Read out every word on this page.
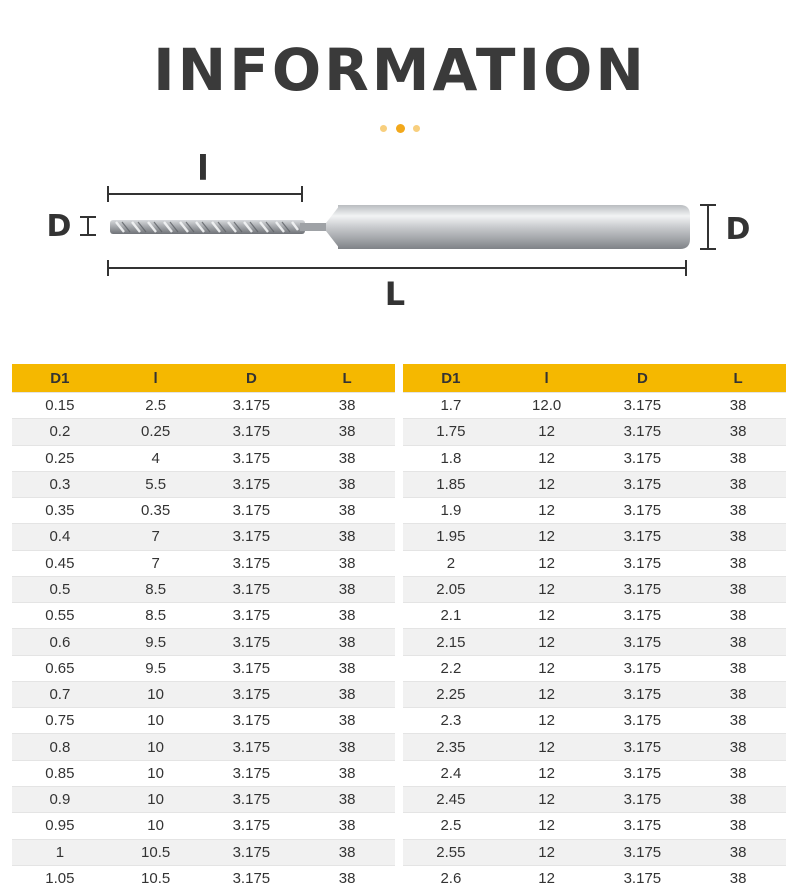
INFORMATION
l
D	D
L
D1	l	D	L
0.15	2.5	3.175	38
0.2	0.25	3.175	38
0.25	4	3.175	38
0.3	5.5	3.175	38
0.35	0.35	3.175	38
0.4	7	3.175	38
0.45	7	3.175	38
0.5	8.5	3.175	38
0.55	8.5	3.175	38
0.6	9.5	3.175	38
0.65	9.5	3.175	38
0.7	10	3.175	38
0.75	10	3.175	38
0.8	10	3.175	38
0.85	10	3.175	38
0.9	10	3.175	38
0.95	10	3.175	38
1	10.5	3.175	38
1.05	10.5	3.175	38
D1	l	D	L
1.7	12.0	3.175	38
1.75	12	3.175	38
1.8	12	3.175	38
1.85	12	3.175	38
1.9	12	3.175	38
1.95	12	3.175	38
2	12	3.175	38
2.05	12	3.175	38
2.1	12	3.175	38
2.15	12	3.175	38
2.2	12	3.175	38
2.25	12	3.175	38
2.3	12	3.175	38
2.35	12	3.175	38
2.4	12	3.175	38
2.45	12	3.175	38
2.5	12	3.175	38
2.55	12	3.175	38
2.6	12	3.175	38
